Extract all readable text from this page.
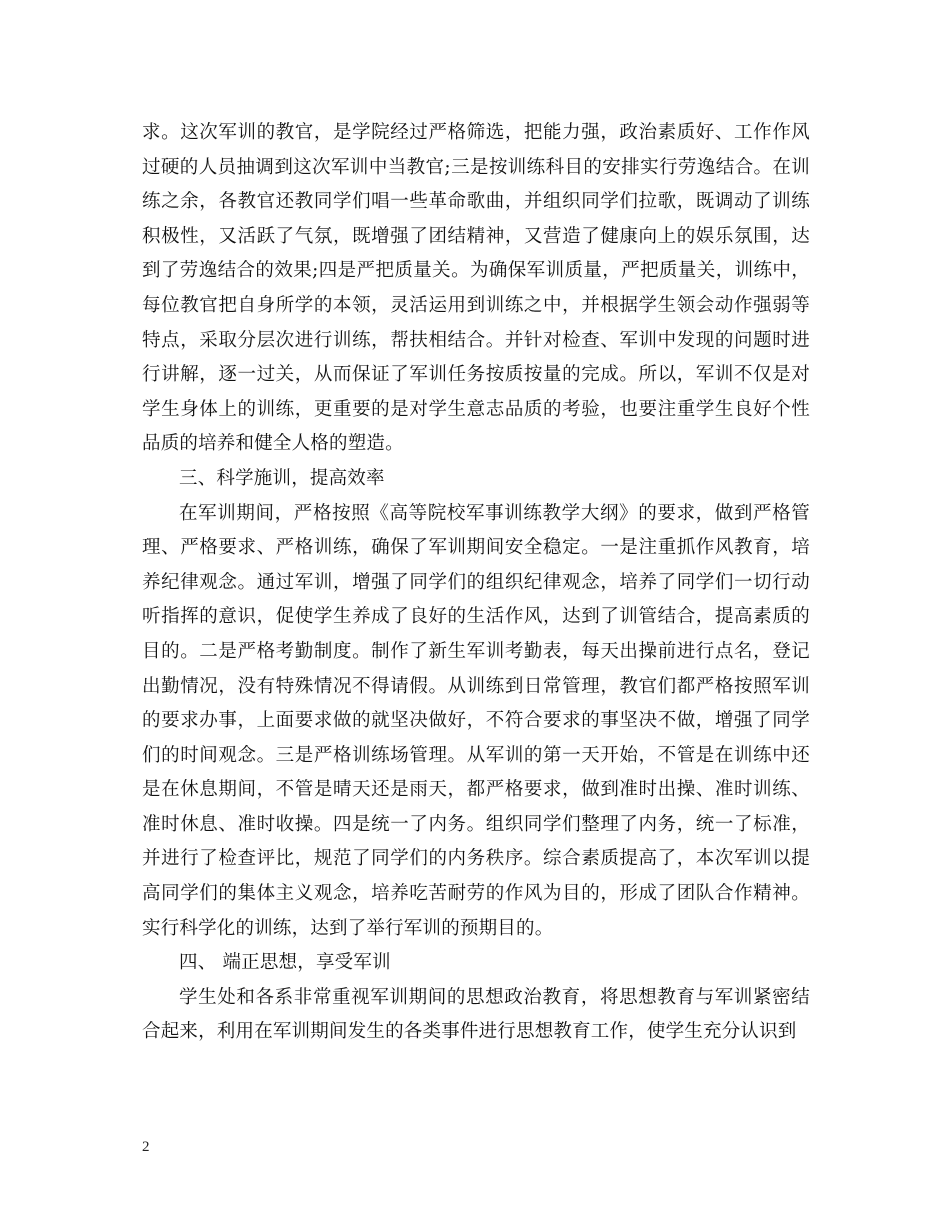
求。这次军训的教官，是学院经过严格筛选，把能力强，政治素质好、工作作风过硬的人员抽调到这次军训中当教官;三是按训练科目的安排实行劳逸结合。在训练之余，各教官还教同学们唱一些革命歌曲，并组织同学们拉歌，既调动了训练积极性，又活跃了气氛，既增强了团结精神，又营造了健康向上的娱乐氛围，达到了劳逸结合的效果;四是严把质量关。为确保军训质量，严把质量关，训练中，每位教官把自身所学的本领，灵活运用到训练之中，并根据学生领会动作强弱等特点，采取分层次进行训练，帮扶相结合。并针对检查、军训中发现的问题时进行讲解，逐一过关，从而保证了军训任务按质按量的完成。所以，军训不仅是对学生身体上的训练，更重要的是对学生意志品质的考验，也要注重学生良好个性品质的培养和健全人格的塑造。

三、科学施训，提高效率

在军训期间，严格按照《高等院校军事训练教学大纲》的要求，做到严格管理、严格要求、严格训练，确保了军训期间安全稳定。一是注重抓作风教育，培养纪律观念。通过军训，增强了同学们的组织纪律观念，培养了同学们一切行动听指挥的意识，促使学生养成了良好的生活作风，达到了训管结合，提高素质的目的。二是严格考勤制度。制作了新生军训考勤表，每天出操前进行点名，登记出勤情况，没有特殊情况不得请假。从训练到日常管理，教官们都严格按照军训的要求办事，上面要求做的就坚决做好，不符合要求的事坚决不做，增强了同学们的时间观念。三是严格训练场管理。从军训的第一天开始，不管是在训练中还是在休息期间，不管是晴天还是雨天，都严格要求，做到准时出操、准时训练、准时休息、准时收操。四是统一了内务。组织同学们整理了内务，统一了标准，并进行了检查评比，规范了同学们的内务秩序。综合素质提高了，本次军训以提高同学们的集体主义观念，培养吃苦耐劳的作风为目的，形成了团队合作精神。实行科学化的训练，达到了举行军训的预期目的。

四、 端正思想，享受军训

学生处和各系非常重视军训期间的思想政治教育，将思想教育与军训紧密结合起来，利用在军训期间发生的各类事件进行思想教育工作，使学生充分认识到

2
